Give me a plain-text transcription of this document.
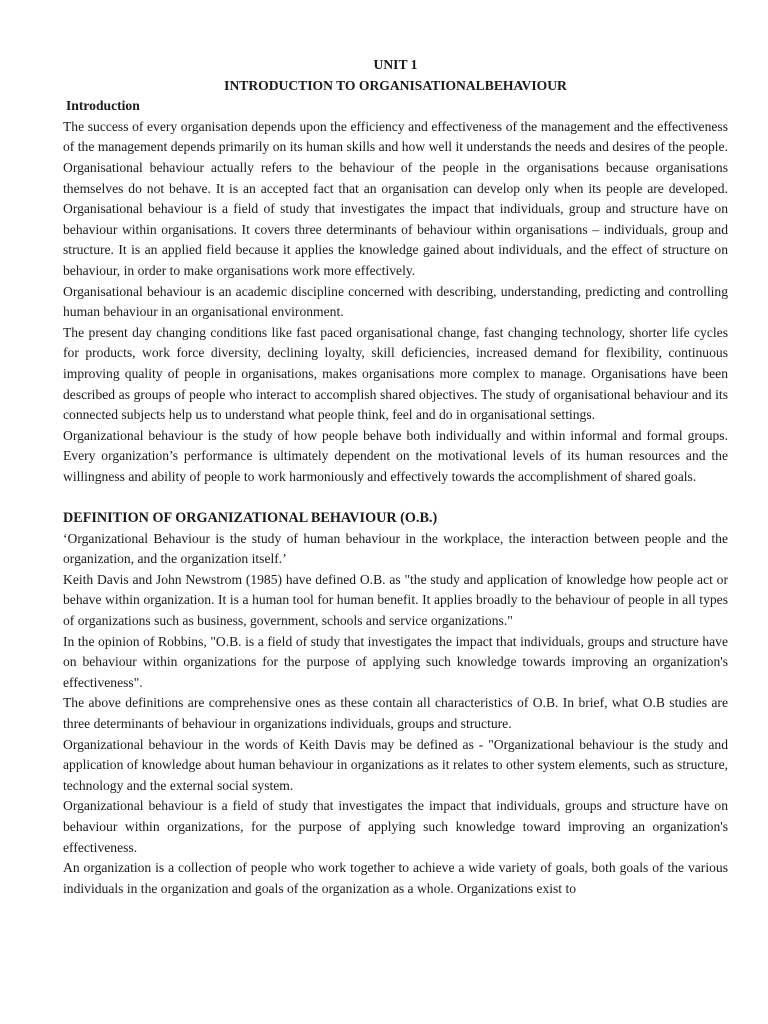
UNIT 1

INTRODUCTION TO ORGANISATIONALBEHAVIOUR

Introduction

The success of every organisation depends upon the efficiency and effectiveness of the management and the effectiveness of the management depends primarily on its human skills and how well it understands the needs and desires of the people. Organisational behaviour actually refers to the behaviour of the people in the organisations because organisations themselves do not behave. It is an accepted fact that an organisation can develop only when its people are developed. Organisational behaviour is a field of study that investigates the impact that individuals, group and structure have on behaviour within organisations. It covers three determinants of behaviour within organisations – individuals, group and structure. It is an applied field because it applies the knowledge gained about individuals, and the effect of structure on behaviour, in order to make organisations work more effectively.

Organisational behaviour is an academic discipline concerned with describing, understanding, predicting and controlling human behaviour in an organisational environment.

The present day changing conditions like fast paced organisational change, fast changing technology, shorter life cycles for products, work force diversity, declining loyalty, skill deficiencies, increased demand for flexibility, continuous improving quality of people in organisations, makes organisations more complex to manage. Organisations have been described as groups of people who interact to accomplish shared objectives. The study of organisational behaviour and its connected subjects help us to understand what people think, feel and do in organisational settings.

Organizational behaviour is the study of how people behave both individually and within informal and formal groups. Every organization’s performance is ultimately dependent on the motivational levels of its human resources and the willingness and ability of people to work harmoniously and effectively towards the accomplishment of shared goals.

DEFINITION OF ORGANIZATIONAL BEHAVIOUR (O.B.)

‘Organizational Behaviour is the study of human behaviour in the workplace, the interaction between people and the organization, and the organization itself.’

Keith Davis and John Newstrom (1985) have defined O.B. as "the study and application of knowledge how people act or behave within organization. It is a human tool for human benefit. It applies broadly to the behaviour of people in all types of organizations such as business, government, schools and service organizations."

In the opinion of Robbins, "O.B. is a field of study that investigates the impact that individuals, groups and structure have on behaviour within organizations for the purpose of applying such knowledge towards improving an organization's effectiveness".

The above definitions are comprehensive ones as these contain all characteristics of O.B. In brief, what O.B studies are three determinants of behaviour in organizations individuals, groups and structure.

Organizational behaviour in the words of Keith Davis may be defined as - "Organizational behaviour is the study and application of knowledge about human behaviour in organizations as it relates to other system elements, such as structure, technology and the external social system.

Organizational behaviour is a field of study that investigates the impact that individuals, groups and structure have on behaviour within organizations, for the purpose of applying such knowledge toward improving an organization's effectiveness.

An organization is a collection of people who work together to achieve a wide variety of goals, both goals of the various individuals in the organization and goals of the organization as a whole. Organizations exist to
